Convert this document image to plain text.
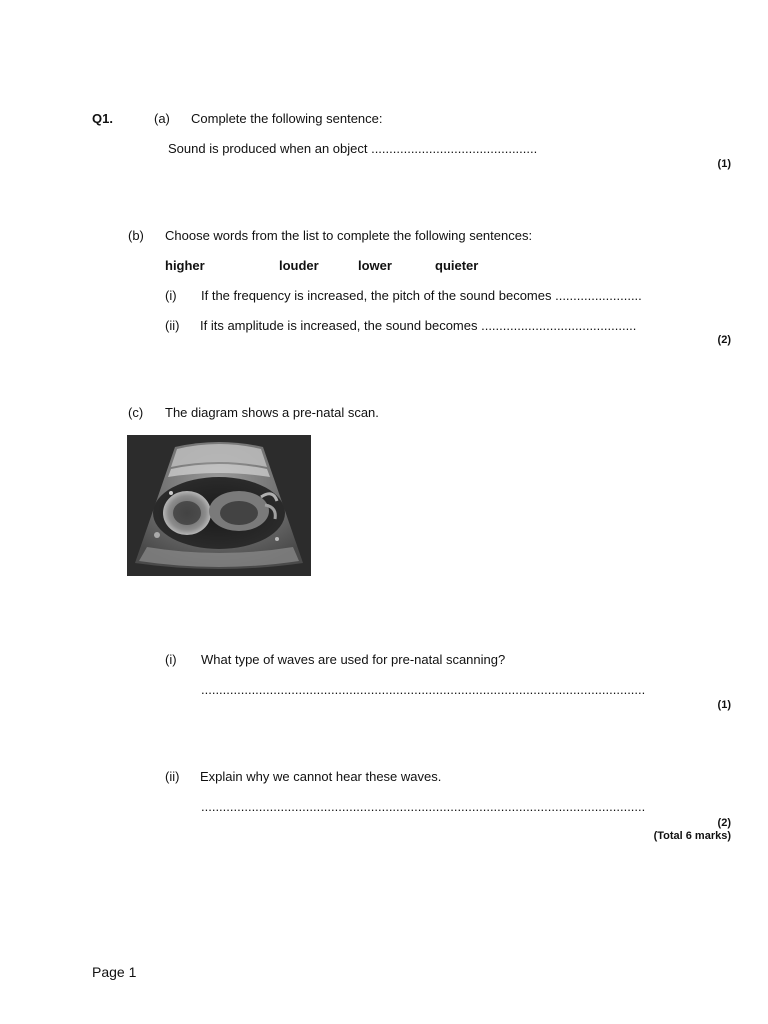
Q1.	(a) Complete the following sentence:
Sound is produced when an object ..............................................
(1)
(b) Choose words from the list to complete the following sentences:
higher	louder	lower	quieter
(i) If the frequency is increased, the pitch of the sound becomes ........................
(ii) If its amplitude is increased, the sound becomes ...........................................
(2)
(c) The diagram shows a pre-natal scan.
(i) What type of waves are used for pre-natal scanning?
...........................................................................................................................
(1)
(ii) Explain why we cannot hear these waves.
...........................................................................................................................
(2)
(Total 6 marks)
Page 1
